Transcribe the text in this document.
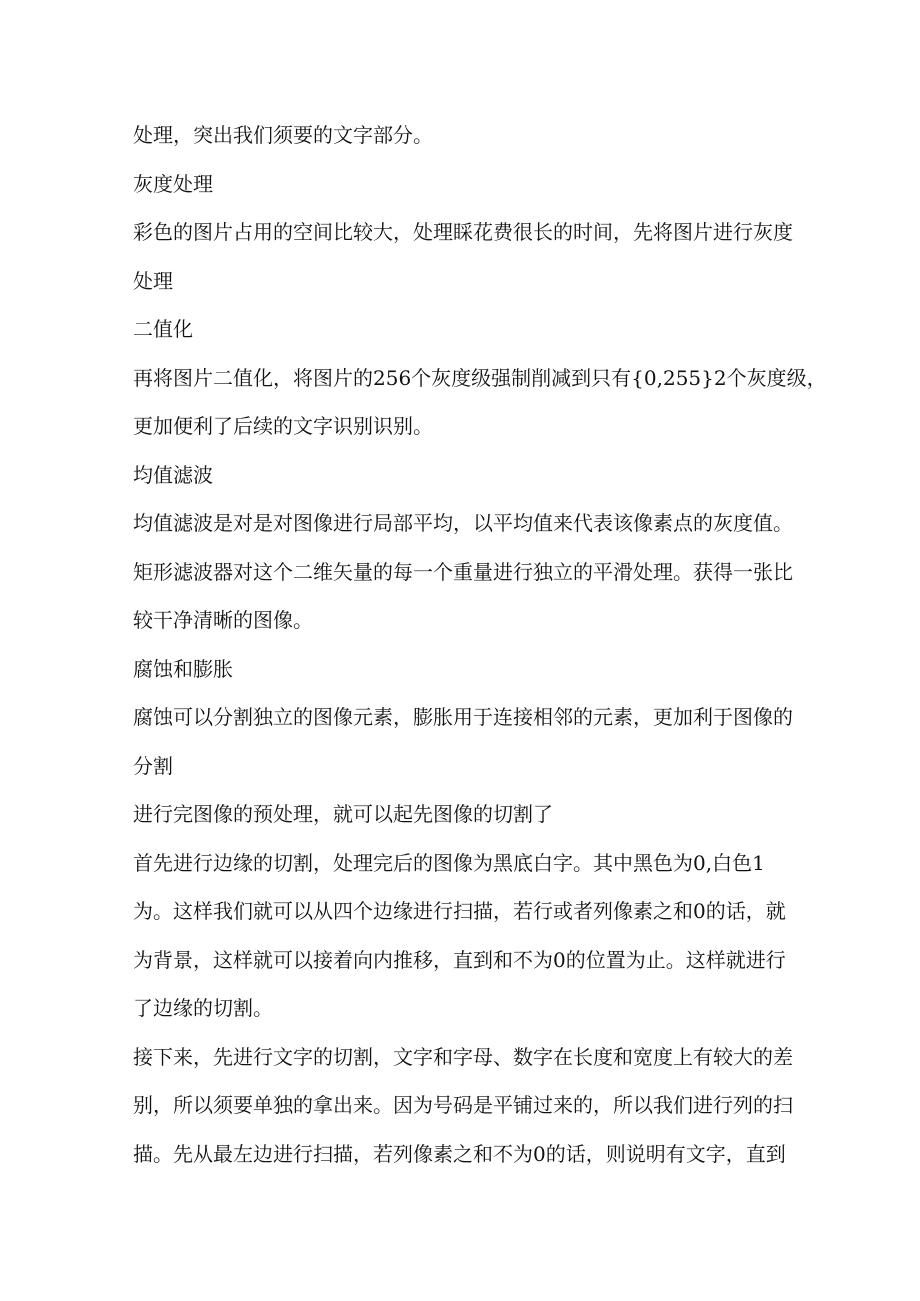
处理，突出我们须要的文字部分。
灰度处理
彩色的图片占用的空间比较大，处理睬花费很长的时间，先将图片进行灰度
处理
二值化
再将图片二值化，将图片的256个灰度级强制削减到只有{0,255}2个灰度级，
更加便利了后续的文字识别识别。
均值滤波
均值滤波是对是对图像进行局部平均，以平均值来代表该像素点的灰度值。
矩形滤波器对这个二维矢量的每一个重量进行独立的平滑处理。获得一张比
较干净清晰的图像。
腐蚀和膨胀
腐蚀可以分割独立的图像元素，膨胀用于连接相邻的元素，更加利于图像的
分割
进行完图像的预处理，就可以起先图像的切割了
首先进行边缘的切割，处理完后的图像为黑底白字。其中黑色为0,白色1
为。这样我们就可以从四个边缘进行扫描，若行或者列像素之和0的话，就
为背景，这样就可以接着向内推移，直到和不为0的位置为止。这样就进行
了边缘的切割。
接下来，先进行文字的切割，文字和字母、数字在长度和宽度上有较大的差
别，所以须要单独的拿出来。因为号码是平铺过来的，所以我们进行列的扫
描。先从最左边进行扫描，若列像素之和不为0的话，则说明有文字，直到
